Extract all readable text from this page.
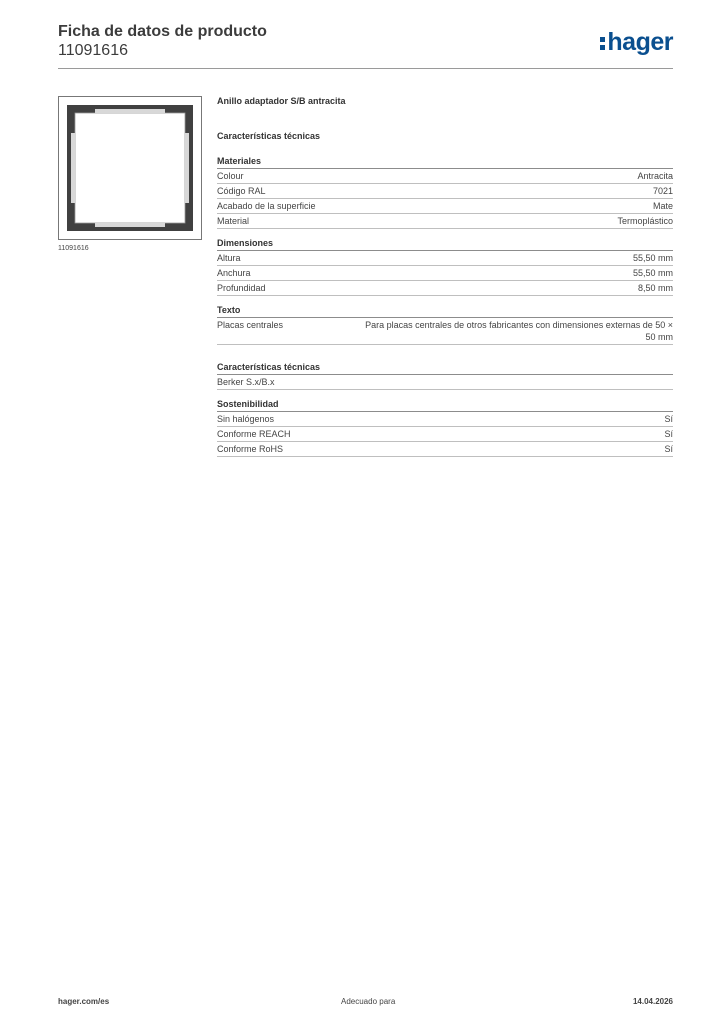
Ficha de datos de producto
11091616	hager
11091616
Anillo adaptador S/B antracita
Características técnicas
Materiales
Colour	Antracita
Código RAL	7021
Acabado de la superficie	Mate
Material	Termoplástico
Dimensiones
Altura	55,50 mm
Anchura	55,50 mm
Profundidad	8,50 mm
Texto
Placas centrales	Para placas centrales de otros fabricantes con dimensiones externas de 50 × 50 mm
Características técnicas
Berker S.x/B.x
Sostenibilidad
Sin halógenos	Sí
Conforme REACH	Sí
Conforme RoHS	Sí
hager.com/es	Adecuado para	14.04.2026
